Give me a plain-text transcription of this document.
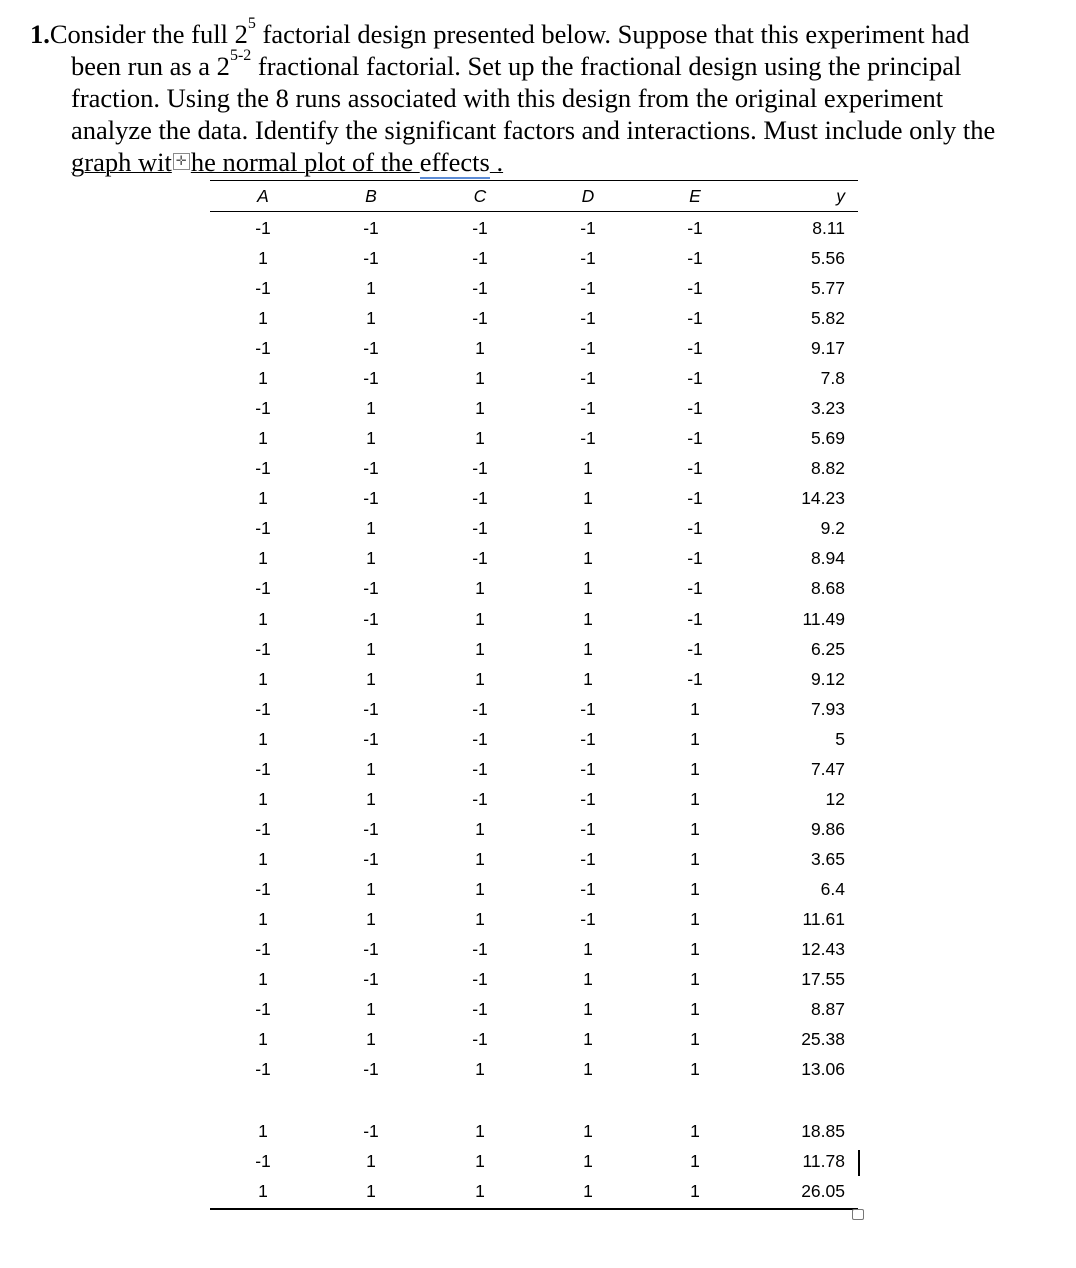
1.Consider the full $2^5$ factorial design presented below. Suppose that this experiment had
been run as a 2$^{5-2}$ fractional factorial. Set up the fractional design using the principal
fraction. Using the 8 runs associated with this design from the original experiment
analyze the data. Identify the significant factors and interactions. Must include only the
graph wit ✛ he normal plot of the effects .
A	B	C	D	E	y
-1	-1	-1	-1	-1	8.11
1	-1	-1	-1	-1	5.56
-1	1	-1	-1	-1	5.77
1	1	-1	-1	-1	5.82
-1	-1	1	-1	-1	9.17
1	-1	1	-1	-1	7.8
-1	1	1	-1	-1	3.23
1	1	1	-1	-1	5.69
-1	-1	-1	1	-1	8.82
1	-1	-1	1	-1	14.23
-1	1	-1	1	-1	9.2
1	1	-1	1	-1	8.94
-1	-1	1	1	-1	8.68
1	-1	1	1	-1	11.49
-1	1	1	1	-1	6.25
1	1	1	1	-1	9.12
-1	-1	-1	-1	1	7.93
1	-1	-1	-1	1	5
-1	1	-1	-1	1	7.47
1	1	-1	-1	1	12
-1	-1	1	-1	1	9.86
1	-1	1	-1	1	3.65
-1	1	1	-1	1	6.4
1	1	1	-1	1	11.61
-1	-1	-1	1	1	12.43
1	-1	-1	1	1	17.55
-1	1	-1	1	1	8.87
1	1	-1	1	1	25.38
-1	-1	1	1	1	13.06
1	-1	1	1	1	18.85
-1	1	1	1	1	11.78
1	1	1	1	1	26.05
